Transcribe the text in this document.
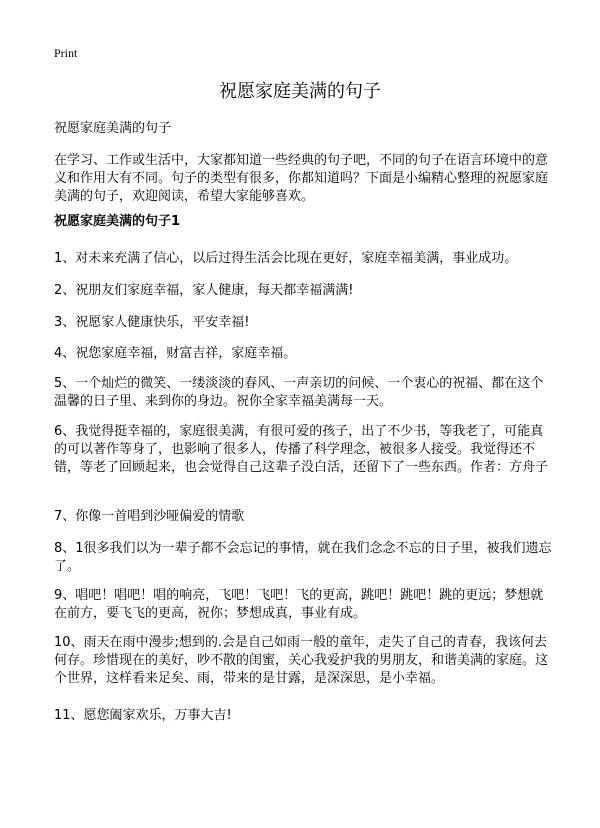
Print
祝愿家庭美满的句子
祝愿家庭美满的句子

在学习、工作或生活中，大家都知道一些经典的句子吧，不同的句子在语言环境中的意义和作用大有不同。句子的类型有很多，你都知道吗？下面是小编精心整理的祝愿家庭美满的句子，欢迎阅读，希望大家能够喜欢。

祝愿家庭美满的句子1

1、对未来充满了信心，以后过得生活会比现在更好，家庭幸福美满，事业成功。

2、祝朋友们家庭幸福，家人健康，每天都幸福满满!

3、祝愿家人健康快乐，平安幸福!

4、祝您家庭幸福，财富吉祥，家庭幸福。

5、一个灿烂的微笑、一缕淡淡的春风、一声亲切的问候、一个衷心的祝福、都在这个温馨的日子里、来到你的身边。祝你全家幸福美满每一天。

6、我觉得挺幸福的，家庭很美满，有很可爱的孩子，出了不少书，等我老了，可能真的可以著作等身了，也影响了很多人，传播了科学理念，被很多人接受。我觉得还不错，等老了回顾起来，也会觉得自己这辈子没白活，还留下了一些东西。作者：方舟子

7、你像一首唱到沙哑偏爱的情歌

8、1很多我们以为一辈子都不会忘记的事情，就在我们念念不忘的日子里，被我们遗忘了。

9、唱吧！唱吧！唱的响亮，飞吧！飞吧！飞的更高，跳吧！跳吧！跳的更远；梦想就在前方，要飞飞的更高，祝你；梦想成真，事业有成。

10、雨天在雨中漫步;想到的.会是自己如雨一般的童年，走失了自己的青春，我该何去何存。珍惜现在的美好，吵不散的闺蜜，关心我爱护我的男朋友，和谐美满的家庭。这个世界，这样看来足矣、雨，带来的是甘露，是深深思，是小幸福。

11、愿您阖家欢乐，万事大吉!
